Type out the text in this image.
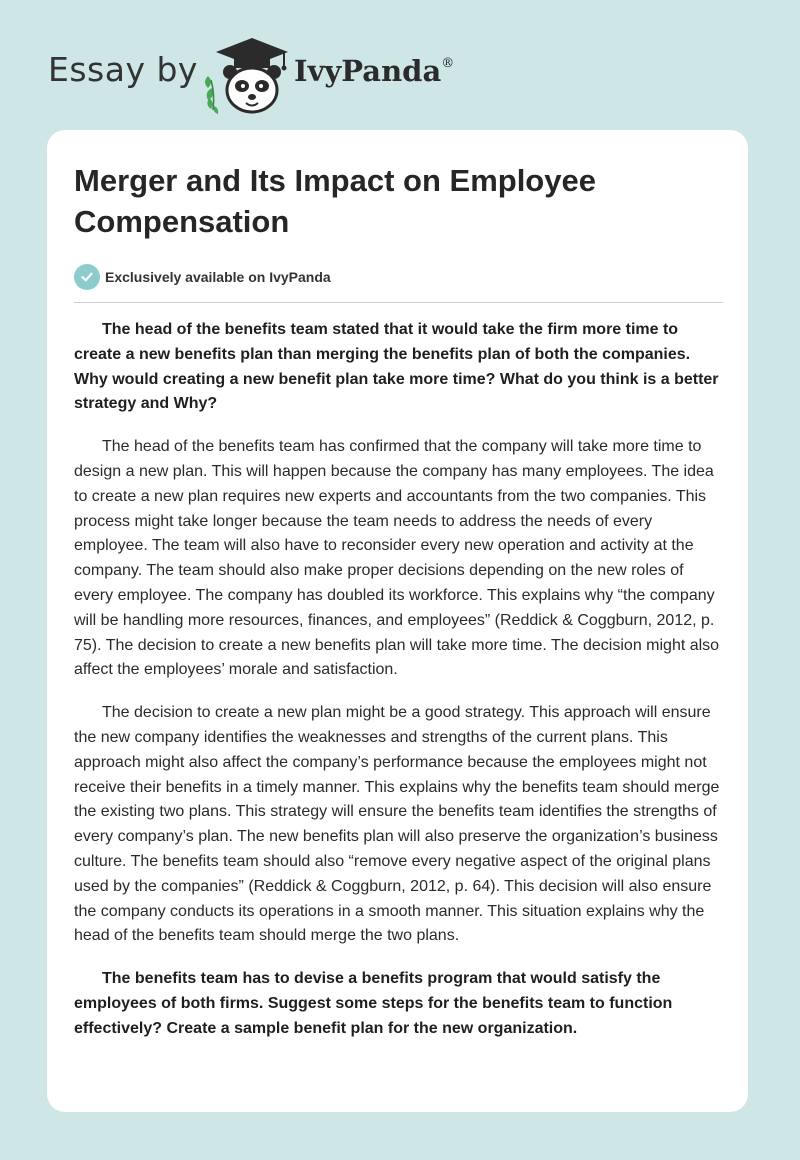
Essay by	IvyPanda®
Merger and Its Impact on Employee Compensation
Exclusively available on IvyPanda

The head of the benefits team stated that it would take the firm more time to create a new benefits plan than merging the benefits plan of both the companies. Why would creating a new benefit plan take more time? What do you think is a better strategy and Why?

The head of the benefits team has confirmed that the company will take more time to design a new plan. This will happen because the company has many employees. The idea to create a new plan requires new experts and accountants from the two companies. This process might take longer because the team needs to address the needs of every employee. The team will also have to reconsider every new operation and activity at the company. The team should also make proper decisions depending on the new roles of every employee. The company has doubled its workforce. This explains why “the company will be handling more resources, finances, and employees” (Reddick & Coggburn, 2012, p. 75). The decision to create a new benefits plan will take more time. The decision might also affect the employees’ morale and satisfaction.

The decision to create a new plan might be a good strategy. This approach will ensure the new company identifies the weaknesses and strengths of the current plans. This approach might also affect the company’s performance because the employees might not receive their benefits in a timely manner. This explains why the benefits team should merge the existing two plans. This strategy will ensure the benefits team identifies the strengths of every company’s plan. The new benefits plan will also preserve the organization’s business culture. The benefits team should also “remove every negative aspect of the original plans used by the companies” (Reddick & Coggburn, 2012, p. 64). This decision will also ensure the company conducts its operations in a smooth manner. This situation explains why the head of the benefits team should merge the two plans.

The benefits team has to devise a benefits program that would satisfy the employees of both firms. Suggest some steps for the benefits team to function effectively? Create a sample benefit plan for the new organization.
